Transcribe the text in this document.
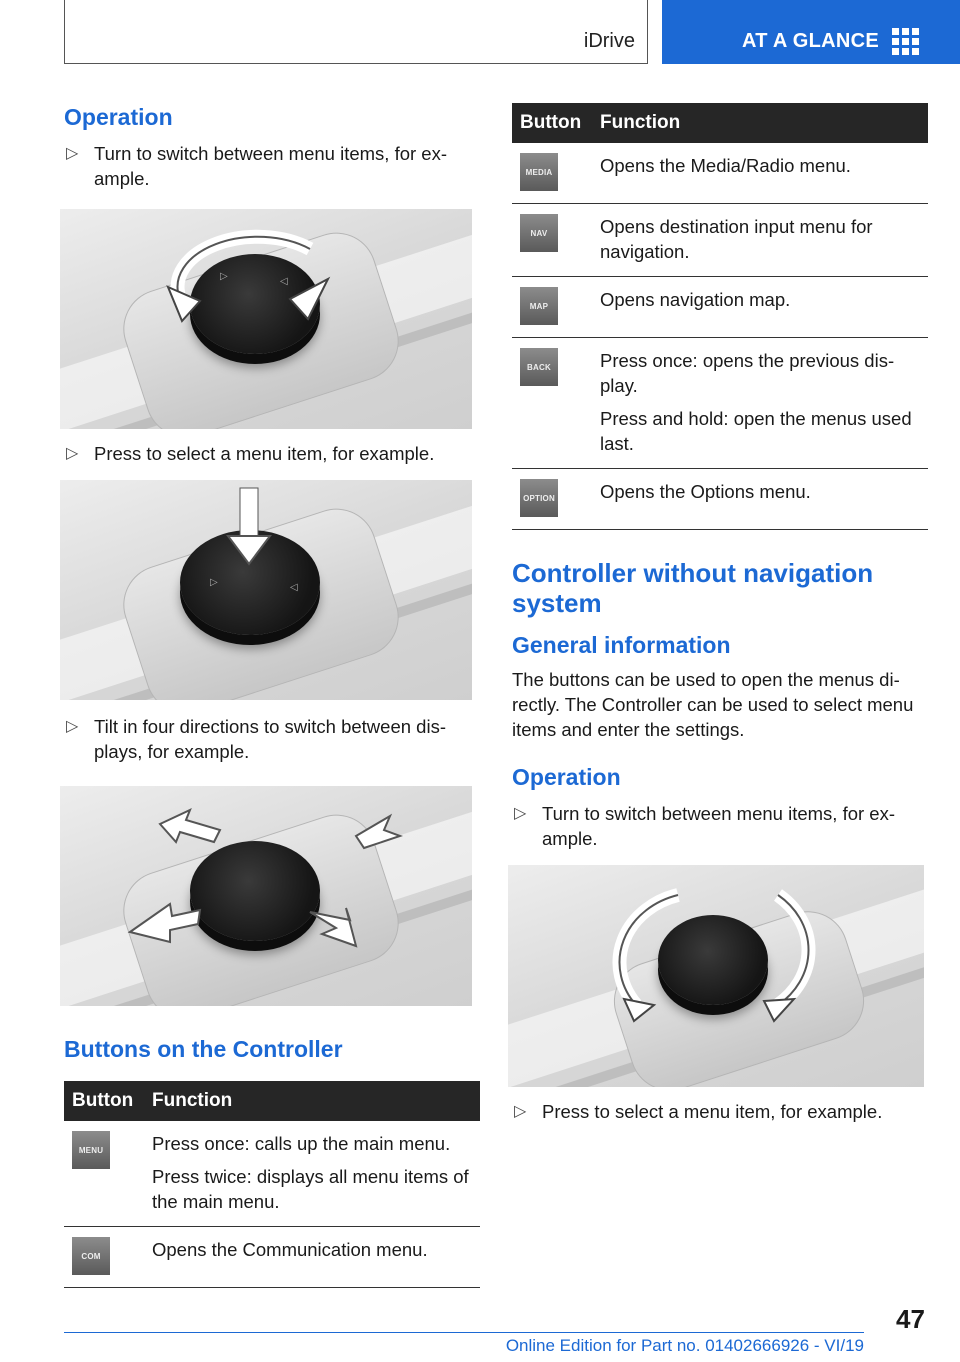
iDrive	AT A GLANCE
Operation
▷ Turn to switch between menu items, for ex-ample.
▷	◁
▷ Press to select a menu item, for example.
▷	◁
▷ Tilt in four directions to switch between dis-plays, for example.
Buttons on the Controller
Button	Function

MENU	Press once: calls up the main menu.

Press twice: displays all menu items of the main menu.

COM	Opens the Communication menu.

Button	Function

MEDIA	Opens the Media/Radio menu.

NAV	Opens destination input menu for navigation.

MAP	Opens navigation map.

BACK	Press once: opens the previous dis-play.

Press and hold: open the menus used last.

OPTION	Opens the Options menu.

Controller without navigation system
General information

The buttons can be used to open the menus di-rectly. The Controller can be used to select menu items and enter the settings.

Operation
▷ Turn to switch between menu items, for ex-ample.
▷ Press to select a menu item, for example.
47
Online Edition for Part no. 01402666926 - VI/19
